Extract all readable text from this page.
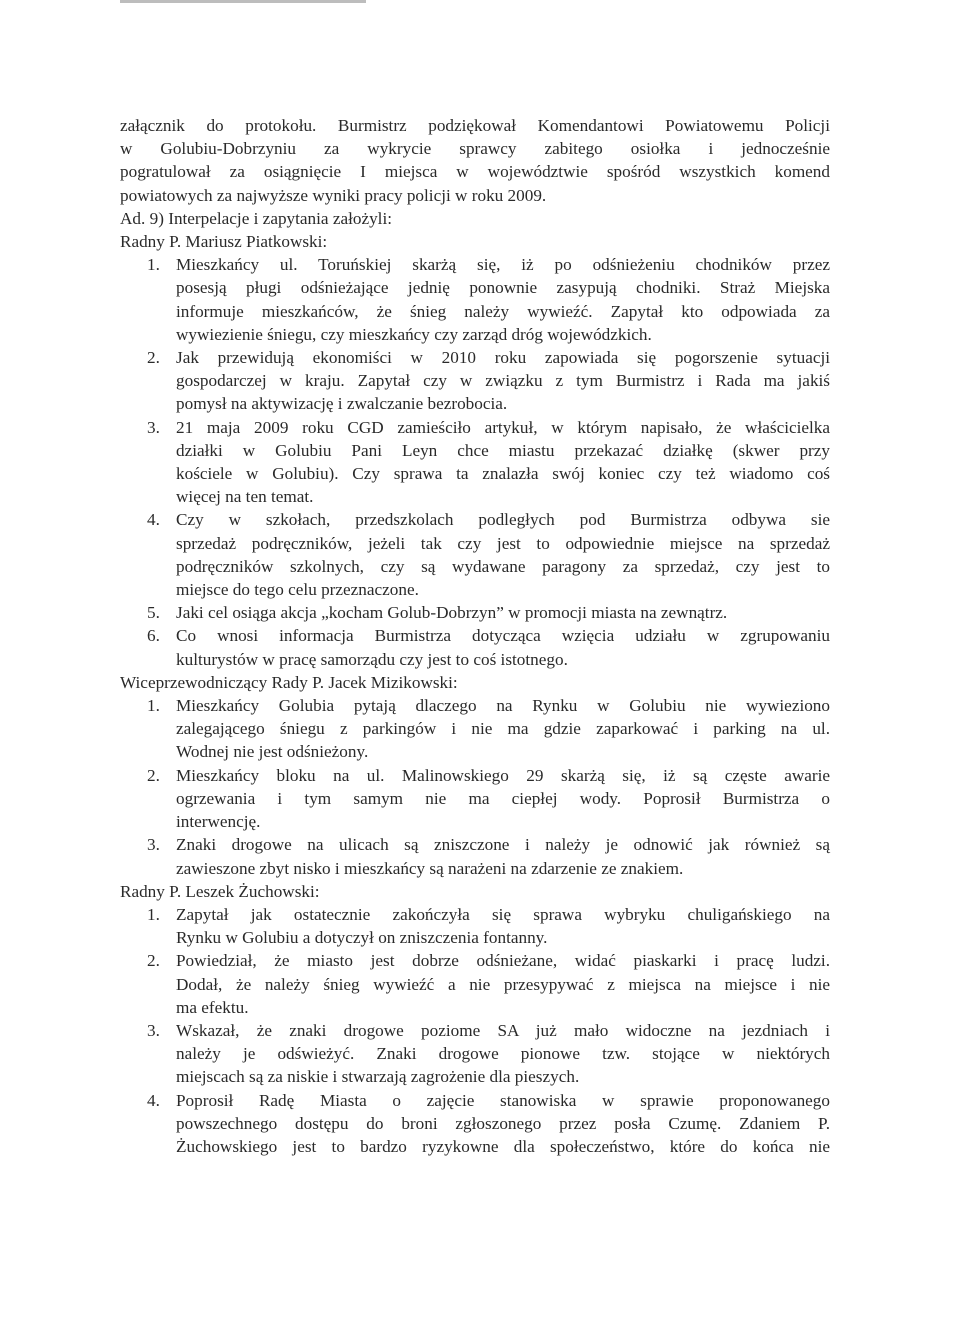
załącznik do protokołu. Burmistrz podziękował Komendantowi Powiatowemu Policji
w Golubiu-Dobrzyniu za wykrycie sprawcy zabitego osiołka i jednocześnie
pogratulował za osiągnięcie I miejsca w województwie spośród wszystkich komend
powiatowych za najwyższe wyniki pracy policji w roku 2009.

Ad. 9) Interpelacje i zapytania założyli:
Radny P. Mariusz Piatkowski:
1. Mieszkańcy ul. Toruńskiej skarżą się, iż po odśnieżeniu chodników przez
posesją pługi odśnieżające jednię ponownie zasypują chodniki. Straż Miejska
informuje mieszkańców, że śnieg należy wywieźć. Zapytał kto odpowiada za
wywiezienie śniegu, czy mieszkańcy czy zarząd dróg wojewódzkich.
2. Jak przewidują ekonomiści w 2010 roku zapowiada się pogorszenie sytuacji
gospodarczej w kraju. Zapytał czy w związku z tym Burmistrz i Rada ma jakiś
pomysł na aktywizację i zwalczanie bezrobocia.
3. 21 maja 2009 roku CGD zamieściło artykuł, w którym napisało, że właścicielka
działki w Golubiu Pani Leyn chce miastu przekazać działkę (skwer przy
kościele w Golubiu). Czy sprawa ta znalazła swój koniec czy też wiadomo coś
więcej na ten temat.
4. Czy w szkołach, przedszkolach podległych pod Burmistrza odbywa sie
sprzedaż podręczników, jeżeli tak czy jest to odpowiednie miejsce na sprzedaż
podręczników szkolnych, czy są wydawane paragony za sprzedaż, czy jest to
miejsce do tego celu przeznaczone.
5. Jaki cel osiąga akcja „kocham Golub-Dobrzyn” w promocji miasta na zewnątrz.
6. Co wnosi informacja Burmistrza dotycząca wzięcia udziału w zgrupowaniu
kulturystów w pracę samorządu czy jest to coś istotnego.
Wiceprzewodniczący Rady P. Jacek Mizikowski:
1. Mieszkańcy Golubia pytają dlaczego na Rynku w Golubiu nie wywieziono
zalegającego śniegu z parkingów i nie ma gdzie zaparkować i parking na ul.
Wodnej nie jest odśnieżony.
2. Mieszkańcy bloku na ul. Malinowskiego 29 skarżą się, iż są częste awarie
ogrzewania i tym samym nie ma ciepłej wody. Poprosił Burmistrza o
interwencję.
3. Znaki drogowe na ulicach są zniszczone i należy je odnowić jak również są
zawieszone zbyt nisko i mieszkańcy są narażeni na zdarzenie ze znakiem.
Radny P. Leszek Żuchowski:
1. Zapytał jak ostatecznie zakończyła się sprawa wybryku chuligańskiego na
Rynku w Golubiu a dotyczył on zniszczenia fontanny.
2. Powiedział, że miasto jest dobrze odśnieżane, widać piaskarki i pracę ludzi.
Dodał, że należy śnieg wywieźć a nie przesypywać z miejsca na miejsce i nie
ma efektu.
3. Wskazał, że znaki drogowe poziome SA już mało widoczne na jezdniach i
należy je odświeżyć. Znaki drogowe pionowe tzw. stojące w niektórych
miejscach są za niskie i stwarzają zagrożenie dla pieszych.
4. Poprosił Radę Miasta o zajęcie stanowiska w sprawie proponowanego
powszechnego dostępu do broni zgłoszonego przez posła Czumę. Zdaniem P.
Żuchowskiego jest to bardzo ryzykowne dla społeczeństwo, które do końca nie
